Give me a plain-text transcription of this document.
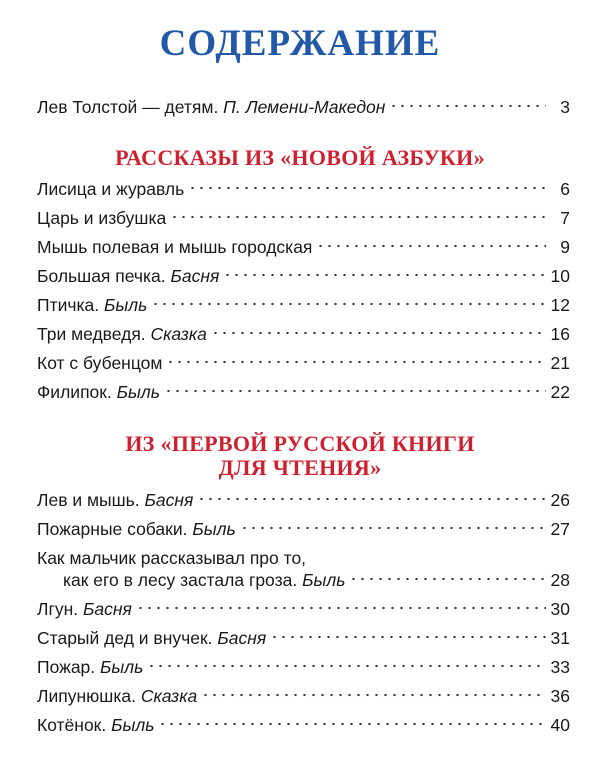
СОДЕРЖАНИЕ
Лев Толстой — детям. П. Лемени-Македон	3
РАССКАЗЫ ИЗ «НОВОЙ АЗБУКИ»
Лисица и журавль	6
Царь и избушка	7
Мышь полевая и мышь городская	9
Большая печка. Басня	10
Птичка. Быль	12
Три медведя. Сказка	16
Кот с бубенцом	21
Филипок. Быль	22
ИЗ «ПЕРВОЙ РУССКОЙ КНИГИ
ДЛЯ ЧТЕНИЯ»
Лев и мышь. Басня	26
Пожарные собаки. Быль	27
Как мальчик рассказывал про то,
как его в лесу застала гроза. Быль	28
Лгун. Басня	30
Старый дед и внучек. Басня	31
Пожар. Быль	33
Липунюшка. Сказка	36
Котёнок. Быль	40
